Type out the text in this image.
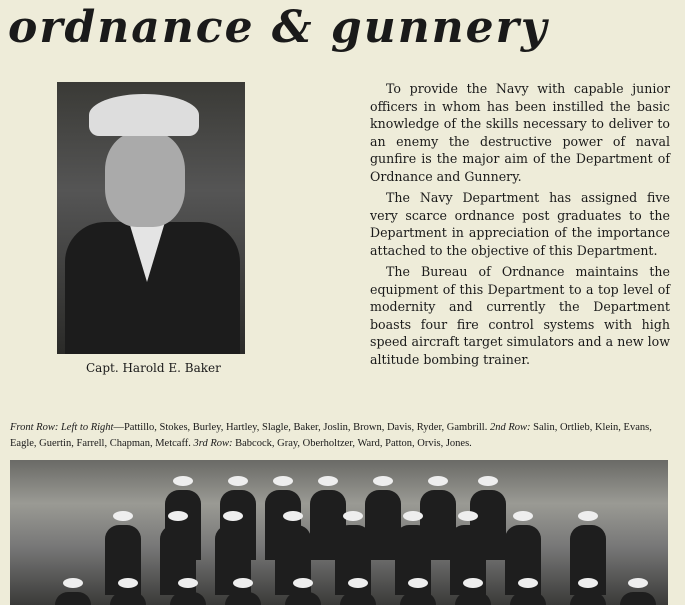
ordnance & gunnery
Capt. Harold E. Baker

To provide the Navy with capable junior officers in whom has been instilled the basic knowledge of the skills necessary to deliver to an enemy the destructive power of naval gunfire is the major aim of the Department of Ordnance and Gunnery.

The Navy Department has assigned five very scarce ordnance post graduates to the Department in appreciation of the importance attached to the objective of this Department.

The Bureau of Ordnance maintains the equipment of this Department to a top level of modernity and currently the Department boasts four fire control systems with high speed aircraft target simulators and a new low altitude bombing trainer.

Front Row: Left to Right—Pattillo, Stokes, Burley, Hartley, Slagle, Baker, Joslin, Brown, Davis, Ryder, Gambrill. 2nd Row: Salin, Ortlieb, Klein, Evans, Eagle, Guertin, Farrell, Chapman, Metcaff. 3rd Row: Babcock, Gray, Oberholtzer, Ward, Patton, Orvis, Jones.
